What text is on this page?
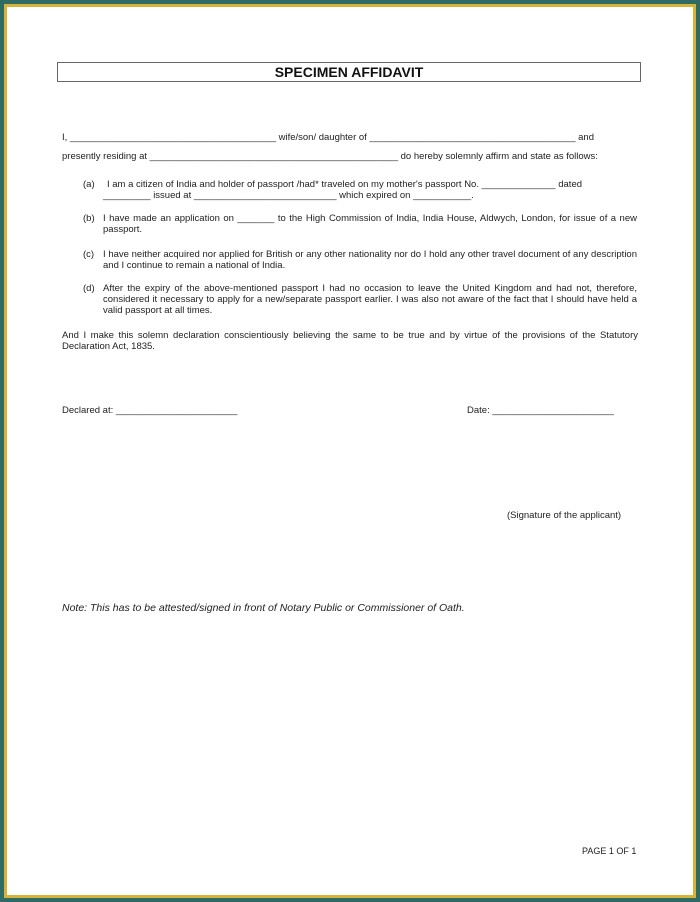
SPECIMEN AFFIDAVIT
I, _______________________________________ wife/son/ daughter of _______________________________________ and
presently residing at _______________________________________________ do hereby solemnly affirm and state as follows:
(a) I am a citizen of India and holder of passport /had* traveled on my mother's passport No. ______________ dated
_________ issued at ___________________________ which expired on ___________.
(b) I have made an application on _______ to the High Commission of India, India House, Aldwych, London, for issue of a new passport.
(c) I have neither acquired nor applied for British or any other nationality nor do I hold any other travel document of any description and I continue to remain a national of India.
(d) After the expiry of the above-mentioned passport I had no occasion to leave the United Kingdom and had not, therefore, considered it necessary to apply for a new/separate passport earlier. I was also not aware of the fact that I should have held a valid passport at all times.
And I make this solemn declaration conscientiously believing the same to be true and by virtue of the provisions of the Statutory Declaration Act, 1835.
Declared at: _______________________	Date: _______________________
(Signature of the applicant)
Note: This has to be attested/signed in front of Notary Public or Commissioner of Oath.
PAGE 1 OF 1
